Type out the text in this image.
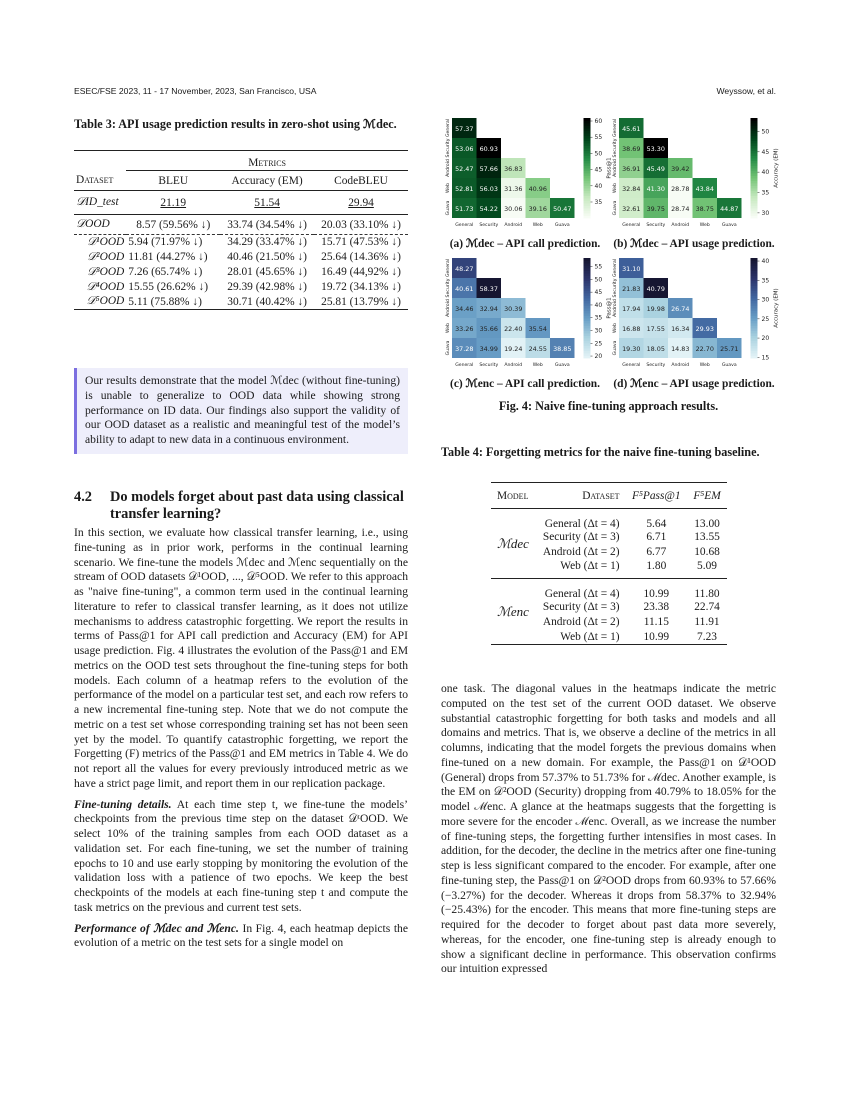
ESEC/FSE 2023, 11 - 17 November, 2023, San Francisco, USA	Weyssow, et al.
Table 3: API usage prediction results in zero-shot using ℳdec.
	Metrics		
Dataset	BLEU	Accuracy (EM)	CodeBLEU
𝒟ID_test	21.19	51.54	29.94
𝒟OOD	8.57 (59.56% ↓)	33.74 (34.54% ↓)	20.03 (33.10% ↓)
𝒟¹OOD	5.94 (71.97% ↓)	34.29 (33.47% ↓)	15.71 (47.53% ↓)
𝒟²OOD	11.81 (44.27% ↓)	40.46 (21.50% ↓)	25.64 (14.36% ↓)
𝒟³OOD	7.26 (65.74% ↓)	28.01 (45.65% ↓)	16.49 (44,92% ↓)
𝒟⁴OOD	15.55 (26.62% ↓)	29.39 (42.98% ↓)	19.72 (34.13% ↓)
𝒟⁵OOD	5.11 (75.88% ↓)	30.71 (40.42% ↓)	25.81 (13.79% ↓)
Our results demonstrate that the model ℳdec (without fine-tuning) is unable to generalize to OOD data while showing strong performance on ID data. Our findings also support the validity of our OOD dataset as a realistic and meaningful test of the model’s ability to adapt to new data in a continuous environment.
4.2	Do models forget about past data using classical transfer learning?

In this section, we evaluate how classical transfer learning, i.e., using fine-tuning as in prior work, performs in the continual learning scenario. We fine-tune the models ℳdec and ℳenc sequentially on the stream of OOD datasets 𝒟¹OOD, ..., 𝒟⁵OOD. We refer to this approach as "naive fine-tuning", a common term used in the continual learning literature to refer to classical transfer learning, as it does not utilize mechanisms to address catastrophic forgetting. We report the results in terms of Pass@1 for API call prediction and Accuracy (EM) for API usage prediction. Fig. 4 illustrates the evolution of the Pass@1 and EM metrics on the OOD test sets throughout the fine-tuning steps for both models. Each column of a heatmap refers to the evolution of the performance of the model on a particular test set, and each row refers to a new incremental fine-tuning step. Note that we do not compute the metric on a test set whose corresponding training set has not been seen yet by the model. To quantify catastrophic forgetting, we report the Forgetting (F) metrics of the Pass@1 and EM metrics in Table 4. We do not report all the values for every previously introduced metric as we have a strict page limit, and report them in our replication package.

Fine-tuning details. At each time step t, we fine-tune the models’ checkpoints from the previous time step on the dataset 𝒟ᵗOOD. We select 10% of the training samples from each OOD dataset as a validation set. For each fine-tuning, we set the number of training epochs to 10 and use early stopping by monitoring the evolution of the validation loss with a patience of two epochs. We keep the best checkpoints of the models at each fine-tuning step t and compute the task metrics on the previous and current test sets.

Performance of ℳdec and ℳenc. In Fig. 4, each heatmap depicts the evolution of a metric on the test sets for a single model on

57.37
53.06 60.93
52.47 57.66 36.83
52.81 56.03 31.36 40.96
51.73 54.22 30.06 39.16 50.47
General
General
Security
Security
Android
Android
Web
Web
Guava
Guava	35
40
45
50
55
60
Pass@1
45.61
38.69 53.30
36.91 45.49 39.42
32.84 41.30 28.78 43.84
32.61 39.75 28.74 38.75 44.87
General
General
Security
Security
Android
Android
Web
Web
Guava
Guava	30
35
40
45
50
Accuracy (EM)
48.27
40.61 58.37
34.46 32.94 30.39
33.26 35.66 22.40 35.54
37.28 34.99 19.24 24.55 38.85
General
General
Security
Security
Android
Android
Web
Web
Guava
Guava
20
25
30
35
40
45
50
55
Pass@1
31.10
21.83 40.79
17.94 19.98 26.74
16.88 17.55 16.34 29.93
19.30 18.05 14.83 22.70 25.71
General
General
Security
Security
Android
Android
Web
Web
Guava
Guava
15
20
25
30
35
40
Accuracy (EM)
(a) ℳdec – API call prediction.	(b) ℳdec – API usage prediction.
(c) ℳenc – API call prediction.	(d) ℳenc – API usage prediction.
Fig. 4: Naive fine-tuning approach results.
Table 4: Forgetting metrics for the naive fine-tuning baseline.
Model	Dataset	F⁵Pass@1	F⁵EM
ℳdec	General (Δt = 4)	5.64	13.00
	Security (Δt = 3)	6.71	13.55
	Android (Δt = 2)	6.77	10.68
	Web (Δt = 1)	1.80	5.09
ℳenc	General (Δt = 4)	10.99	11.80
	Security (Δt = 3)	23.38	22.74
	Android (Δt = 2)	11.15	11.91
	Web (Δt = 1)	10.99	7.23
one task. The diagonal values in the heatmaps indicate the metric computed on the test set of the current OOD dataset. We observe substantial catastrophic forgetting for both tasks and models and all domains and metrics. That is, we observe a decline of the metrics in all columns, indicating that the model forgets the previous domains when fine-tuned on a new domain. For example, the Pass@1 on 𝒟¹OOD (General) drops from 57.37% to 51.73% for ℳdec. Another example, is the EM on 𝒟²OOD (Security) dropping from 40.79% to 18.05% for the model ℳenc. A glance at the heatmaps suggests that the forgetting is more severe for the encoder ℳenc. Overall, as we increase the number of fine-tuning steps, the forgetting further intensifies in most cases. In addition, for the decoder, the decline in the metrics after one fine-tuning step is less significant compared to the encoder. For example, after one fine-tuning step, the Pass@1 on 𝒟²OOD drops from 60.93% to 57.66% (−3.27%) for the decoder. Whereas it drops from 58.37% to 32.94% (−25.43%) for the encoder. This means that more fine-tuning steps are required for the decoder to forget about past data more severely, whereas, for the encoder, one fine-tuning step is already enough to show a significant decline in performance. This observation confirms our intuition expressed
